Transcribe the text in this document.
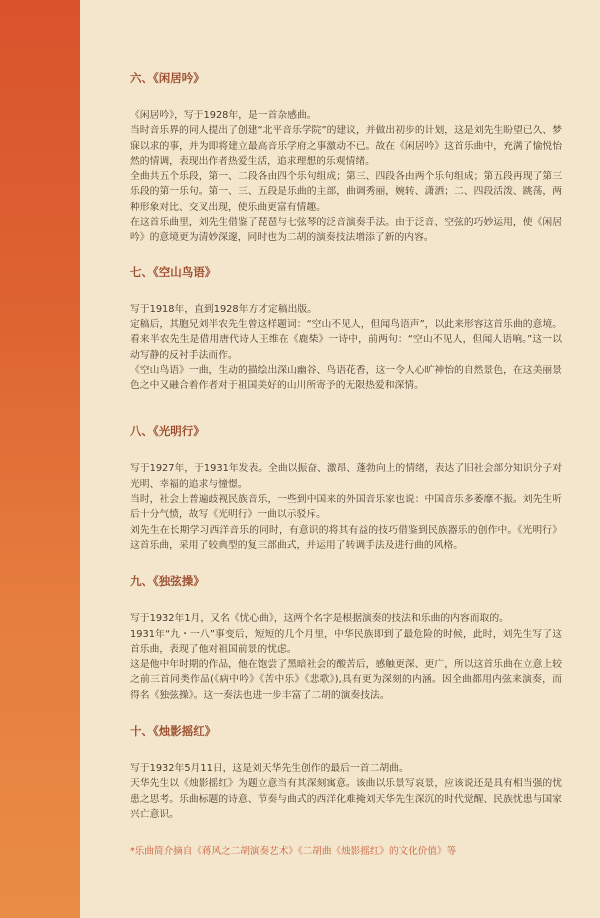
六、《闲居吟》

《闲居吟》，写于1928年，是一首杂感曲。

当时音乐界的同人提出了创建“北平音乐学院”的建议，并做出初步的计划，这是刘先生盼望已久、梦寐以求的事，并为即将建立最高音乐学府之事激动不已。故在《闲居吟》这首乐曲中，充满了愉悦怡然的情调，表现出作者热爱生活，追求理想的乐观情绪。

全曲共五个乐段，第一、二段各由四个乐句组成；第三、四段各由两个乐句组成；第五段再现了第三乐段的第一乐句。第一、三、五段是乐曲的主部，曲调秀丽，婉转、潇洒；二、四段活泼、跳荡，两种形象对比、交叉出现，使乐曲更富有情趣。

在这首乐曲里，刘先生借鉴了琵琶与七弦琴的泛音演奏手法。由于泛音、空弦的巧妙运用，使《闲居吟》的意境更为清妙深邃，同时也为二胡的演奏技法增添了新的内容。

七、《空山鸟语》

写于1918年，直到1928年方才定稿出版。

定稿后，其胞兄刘半农先生曾这样题词：“空山不见人，但闻鸟语声”，以此来形容这首乐曲的意境。看来半农先生是借用唐代诗人王维在《鹿柴》一诗中，前两句：“空山不见人，但闻人语响。”这一以动写静的反衬手法而作。

《空山鸟语》一曲，生动的描绘出深山幽谷、鸟语花香，这一令人心旷神怡的自然景色，在这美丽景色之中又融合着作者对于祖国美好的山川所寄予的无限热爱和深情。

八、《光明行》

写于1927年，于1931年发表。全曲以振奋、激昂、蓬勃向上的情绪，表达了旧社会部分知识分子对光明、幸福的追求与憧憬。

当时，社会上普遍歧视民族音乐，一些到中国来的外国音乐家也说：中国音乐多萎靡不振。刘先生听后十分气愤，故写《光明行》一曲以示驳斥。

刘先生在长期学习西洋音乐的同时，有意识的将其有益的技巧借鉴到民族器乐的创作中。《光明行》这首乐曲，采用了较典型的复三部曲式，并运用了转调手法及进行曲的风格。

九、《独弦操》

写于1932年1月，又名《忧心曲》，这两个名字是根据演奏的技法和乐曲的内容而取的。

1931年“九・一八”事变后，短短的几个月里，中华民族即到了最危险的时候，此时，刘先生写了这首乐曲，表现了他对祖国前景的忧虑。

这是他中年时期的作品，他在饱尝了黑暗社会的酸苦后，感触更深、更广，所以这首乐曲在立意上较之前三首同类作品(《病中吟》《苦中乐》《悲歌》),具有更为深刻的内涵。因全曲都用内弦来演奏，而得名《独弦操》。这一奏法也进一步丰富了二胡的演奏技法。

十、《烛影摇红》

写于1932年5月11日，这是刘天华先生创作的最后一首二胡曲。

天华先生以《烛影摇红》为题立意当有其深刻寓意。该曲以乐景写哀景，应该说还是具有相当强的忧患之思考。乐曲标题的诗意、节奏与曲式的西洋化难掩刘天华先生深沉的时代觉醒、民族忧患与国家兴亡意识。

*乐曲简介摘自《蒋风之二胡演奏艺术》《二胡曲《烛影摇红》的文化价值》等
